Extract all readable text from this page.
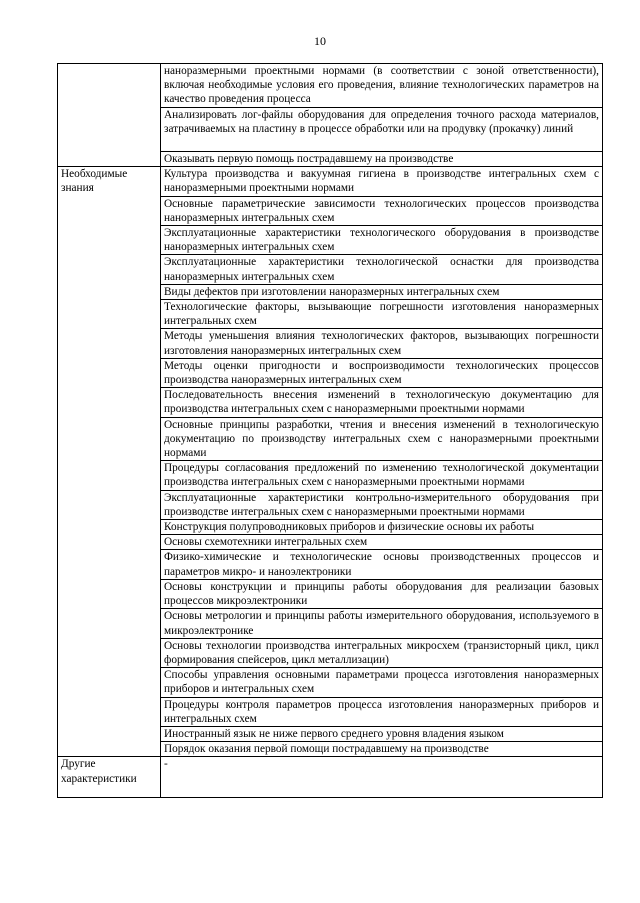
10
	наноразмерными проектными нормами (в соответствии с зоной ответственности), включая необходимые условия его проведения, влияние технологических параметров на качество проведения процесса
	Анализировать лог-файлы оборудования для определения точного расхода материалов, затрачиваемых на пластину в процессе обработки или на продувку (прокачку) линий
	Оказывать первую помощь пострадавшему на производстве
Необходимые знания	Культура производства и вакуумная гигиена в производстве интегральных схем с наноразмерными проектными нормами
	Основные параметрические зависимости технологических процессов производства наноразмерных интегральных схем
	Эксплуатационные характеристики технологического оборудования в производстве наноразмерных интегральных схем
	Эксплуатационные характеристики технологической оснастки для производства наноразмерных интегральных схем
	Виды дефектов при изготовлении наноразмерных интегральных схем
	Технологические факторы, вызывающие погрешности изготовления наноразмерных интегральных схем
	Методы уменьшения влияния технологических факторов, вызывающих погрешности изготовления наноразмерных интегральных схем
	Методы оценки пригодности и воспроизводимости технологических процессов производства наноразмерных интегральных схем
	Последовательность внесения изменений в технологическую документацию для производства интегральных схем с наноразмерными проектными нормами
	Основные принципы разработки, чтения и внесения изменений в технологическую документацию по производству интегральных схем с наноразмерными проектными нормами
	Процедуры согласования предложений по изменению технологической документации производства интегральных схем с наноразмерными проектными нормами
	Эксплуатационные характеристики контрольно-измерительного оборудования при производстве интегральных схем с наноразмерными проектными нормами
	Конструкция полупроводниковых приборов и физические основы их работы
	Основы схемотехники интегральных схем
	Физико-химические и технологические основы производственных процессов и параметров микро- и наноэлектроники
	Основы конструкции и принципы работы оборудования для реализации базовых процессов микроэлектроники
	Основы метрологии и принципы работы измерительного оборудования, используемого в микроэлектронике
	Основы технологии производства интегральных микросхем (транзисторный цикл, цикл формирования спейсеров, цикл металлизации)
	Способы управления основными параметрами процесса изготовления наноразмерных приборов и интегральных схем
	Процедуры контроля параметров процесса изготовления наноразмерных приборов и интегральных схем
	Иностранный язык не ниже первого среднего уровня владения языком
	Порядок оказания первой помощи пострадавшему на производстве
Другие характеристики	-
